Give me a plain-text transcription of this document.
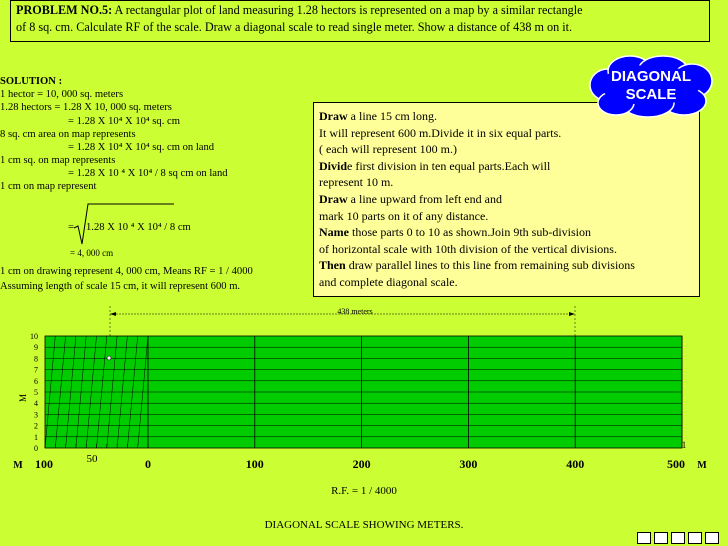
PROBLEM NO.5: A rectangular plot of land measuring 1.28 hectors is represented on a map by a similar rectangle
of 8 sq. cm. Calculate RF of the scale. Draw a diagonal scale to read single meter. Show a distance of 438 m on it.
SOLUTION :
1 hector = 10, 000 sq. meters
1.28 hectors = 1.28 X 10, 000 sq. meters
= 1.28 X 10⁴ X 10⁴ sq. cm
8 sq. cm area on map represents
= 1.28 X 10⁴ X 10⁴ sq. cm on land
1 cm sq. on map represents
= 1.28 X 10 ⁴ X 10⁴ / 8 sq cm on land
1 cm on map represent
= 1.28 X 10 ⁴ X 10⁴ / 8 cm
= 4, 000 cm
1 cm on drawing represent 4, 000 cm, Means RF = 1 / 4000
Assuming length of scale 15 cm, it will represent 600 m.
Draw a line 15 cm long.
It will represent 600 m.Divide it in six equal parts.
( each will represent 100 m.)
Divide first division in ten equal parts.Each will
represent 10 m.
Draw a line upward from left end and
mark 10 parts on it of any distance.
Name those parts 0 to 10 as shown.Join 9th sub-division
of horizontal scale with 10th division of the vertical divisions.
Then draw parallel lines to this line from remaining sub divisions
and complete diagonal scale.
DIAGONAL
SCALE
438 meters
0
1
2
3
4
5
6
7
8
9
10
M
50
M 100	0	100	200	300	400	500 M
1
R.F. = 1 / 4000
DIAGONAL SCALE SHOWING METERS.
